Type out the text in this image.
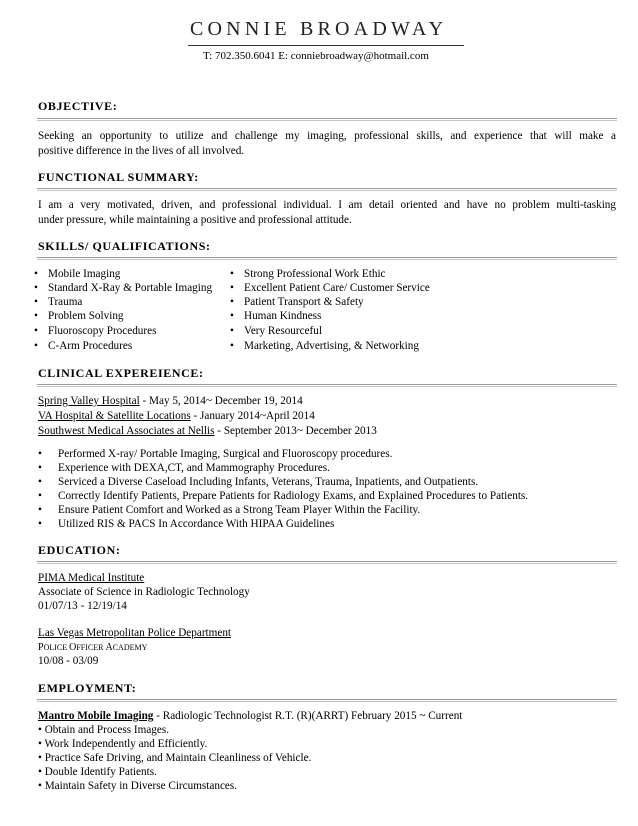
CONNIE BROADWAY
T: 702.350.6041 E: conniebroadway@hotmail.com
OBJECTIVE:
Seeking an opportunity to utilize and challenge my imaging, professional skills, and experience that will make a
positive difference in the lives of all involved.
FUNCTIONAL SUMMARY:
I am a very motivated, driven, and professional individual. I am detail oriented and have no problem multi-tasking
under pressure, while maintaining a positive and professional attitude.
SKILLS/ QUALIFICATIONS:
• Mobile Imaging
• Standard X-Ray & Portable Imaging
• Trauma
• Problem Solving
• Fluoroscopy Procedures
• C-Arm Procedures
• Strong Professional Work Ethic
• Excellent Patient Care/ Customer Service
• Patient Transport & Safety
• Human Kindness
• Very Resourceful
• Marketing, Advertising, & Networking
CLINICAL EXPEREIENCE:
Spring Valley Hospital - May 5, 2014~ December 19, 2014
VA Hospital & Satellite Locations - January 2014~April 2014
Southwest Medical Associates at Nellis - September 2013~ December 2013
• Performed X-ray/ Portable Imaging, Surgical and Fluoroscopy procedures.
• Experience with DEXA,CT, and Mammography Procedures.
• Serviced a Diverse Caseload Including Infants, Veterans, Trauma, Inpatients, and Outpatients.
• Correctly Identify Patients, Prepare Patients for Radiology Exams, and Explained Procedures to Patients.
• Ensure Patient Comfort and Worked as a Strong Team Player Within the Facility.
• Utilized RIS & PACS In Accordance With HIPAA Guidelines
EDUCATION:
PIMA Medical Institute
Associate of Science in Radiologic Technology
01/07/13 - 12/19/14
Las Vegas Metropolitan Police Department
POLICE OFFICER ACADEMY
10/08 - 03/09
EMPLOYMENT:
Mantro Mobile Imaging - Radiologic Technologist R.T. (R)(ARRT) February 2015 ~ Current
• Obtain and Process Images.
• Work Independently and Efficiently.
• Practice Safe Driving, and Maintain Cleanliness of Vehicle.
• Double Identify Patients.
• Maintain Safety in Diverse Circumstances.
